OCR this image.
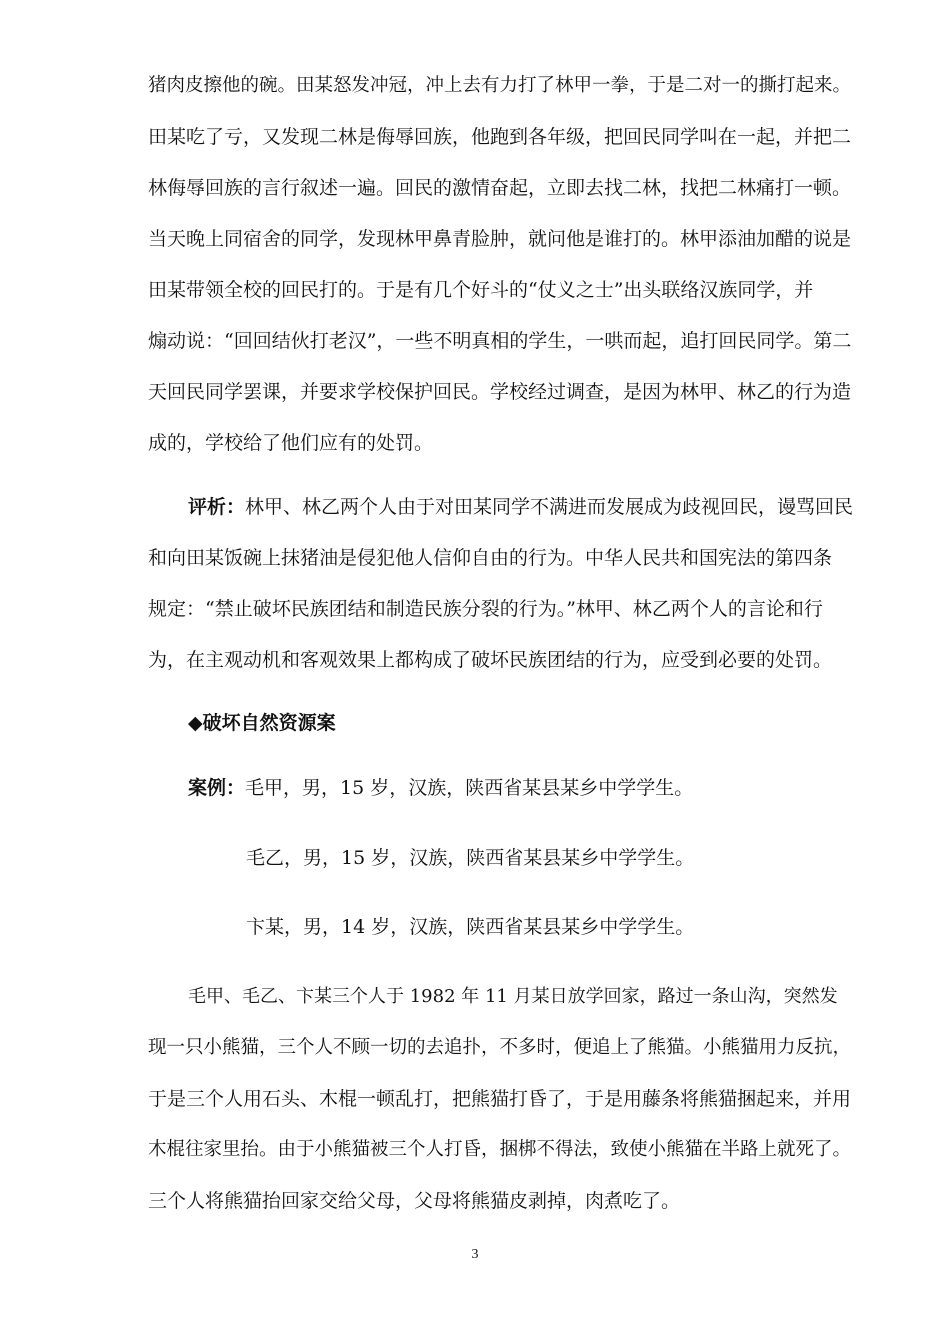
猪肉皮擦他的碗。田某怒发冲冠，冲上去有力打了林甲一拳，于是二对一的撕打起来。
田某吃了亏，又发现二林是侮辱回族，他跑到各年级，把回民同学叫在一起，并把二
林侮辱回族的言行叙述一遍。回民的激情奋起，立即去找二林，找把二林痛打一顿。
当天晚上同宿舍的同学，发现林甲鼻青脸肿，就问他是谁打的。林甲添油加醋的说是
田某带领全校的回民打的。于是有几个好斗的“仗义之士”出头联络汉族同学，并
煽动说：“回回结伙打老汉”，一些不明真相的学生，一哄而起，追打回民同学。第二
天回民同学罢课，并要求学校保护回民。学校经过调查，是因为林甲、林乙的行为造
成的，学校给了他们应有的处罚。
评析：林甲、林乙两个人由于对田某同学不满进而发展成为歧视回民，谩骂回民
和向田某饭碗上抹猪油是侵犯他人信仰自由的行为。中华人民共和国宪法的第四条
规定：“禁止破坏民族团结和制造民族分裂的行为。”林甲、林乙两个人的言论和行
为，在主观动机和客观效果上都构成了破坏民族团结的行为，应受到必要的处罚。
◆破坏自然资源案
案例：毛甲，男，15 岁，汉族，陕西省某县某乡中学学生。
毛乙，男，15 岁，汉族，陕西省某县某乡中学学生。
卞某，男，14 岁，汉族，陕西省某县某乡中学学生。
毛甲、毛乙、卞某三个人于 1982 年 11 月某日放学回家，路过一条山沟，突然发
现一只小熊猫，三个人不顾一切的去追扑，不多时，便追上了熊猫。小熊猫用力反抗，
于是三个人用石头、木棍一顿乱打，把熊猫打昏了，于是用藤条将熊猫捆起来，并用
木棍往家里抬。由于小熊猫被三个人打昏，捆梆不得法，致使小熊猫在半路上就死了。
三个人将熊猫抬回家交给父母，父母将熊猫皮剥掉，肉煮吃了。
3
